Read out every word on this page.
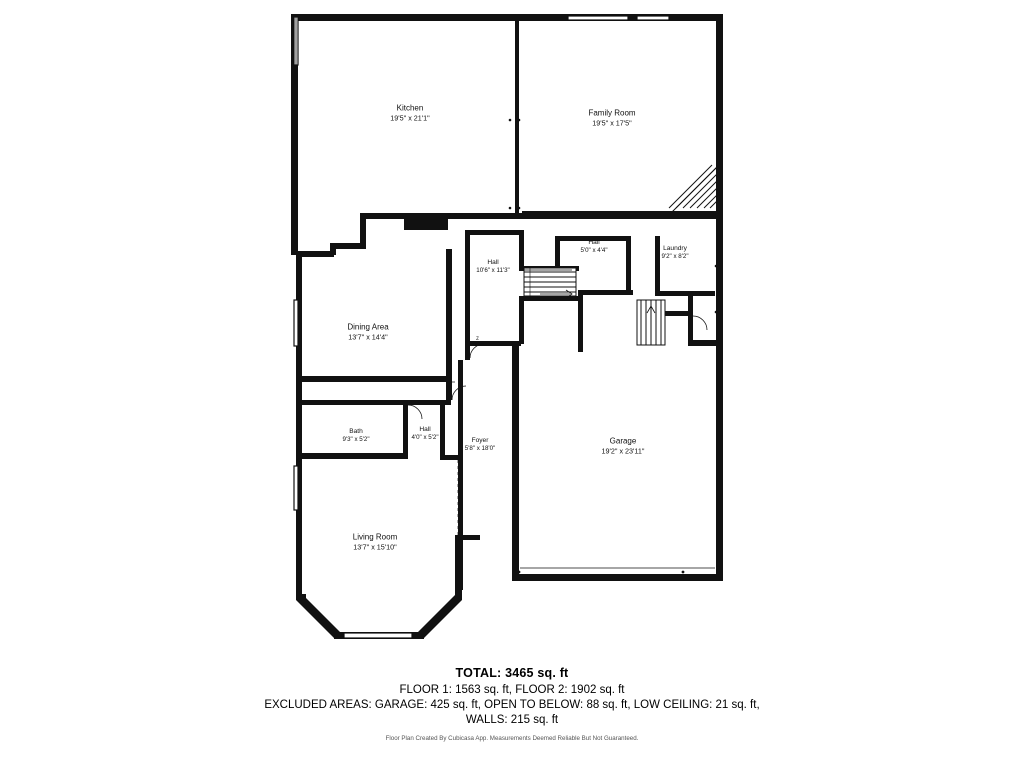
Kitchen
19'5" x 21'1"
Family Room
19'5" x 17'5"
Hall
5'0" x 4'4"	Laundry
9'2" x 8'2"
Hall
10'6" x 11'3"
Dining Area
13'7" x 14'4"
Bath
9'3" x 5'2"
Hall
4'0" x 5'2"	Foyer
5'8" x 18'0"
Garage
19'2" x 23'11"
Living Room
13'7" x 15'10"
z
TOTAL: 3465 sq. ft
FLOOR 1: 1563 sq. ft, FLOOR 2: 1902 sq. ft
EXCLUDED AREAS: GARAGE: 425 sq. ft, OPEN TO BELOW: 88 sq. ft, LOW CEILING: 21 sq. ft,
WALLS: 215 sq. ft
Floor Plan Created By Cubicasa App. Measurements Deemed Reliable But Not Guaranteed.
